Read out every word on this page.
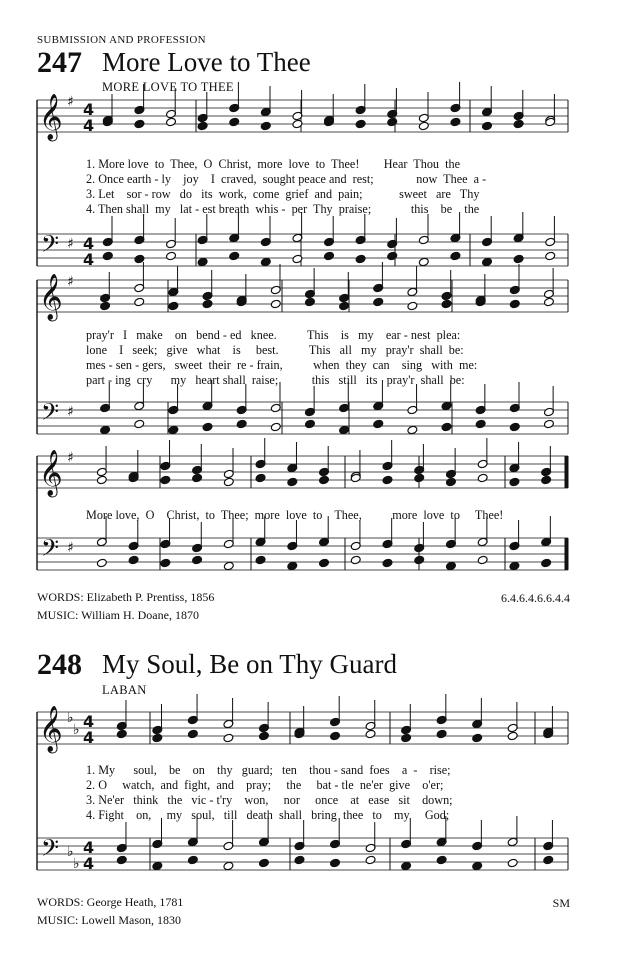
SUBMISSION AND PROFESSION
247 More Love to Thee
MORE LOVE TO THEE
𝄞
𝄢
♯
♯
4
4
4
4
𝄞
𝄢
♯
♯
𝄞
𝄢
♯
♯
𝄞
𝄢
♭
♭
♭
♭
4
4
4
4
1. More love  to  Thee,  O  Christ,  more  love  to  Thee!        Hear  Thou  the
2. Once earth - ly    joy    I  craved,  sought peace and  rest;              now  Thee  a -
3. Let    sor - row   do   its  work,  come  grief  and  pain;            sweet   are   Thy
4. Then shall  my   lat - est breath  whis -  per  Thy  praise;             this    be    the
pray'r   I   make    on   bend - ed   knee.          This    is   my    ear - nest  plea:
lone    I   seek;   give   what    is     best.          This   all   my   pray'r  shall  be:
mes - sen - gers,   sweet  their  re - frain,          when  they  can    sing   with  me:
part - ing  cry      my   heart shall  raise;           this   still   its   pray'r  shall  be:
More love,  O    Christ,  to  Thee;  more  love  to    Thee,          more  love  to     Thee!
WORDS: Elizabeth P. Prentiss, 1856
MUSIC: William H. Doane, 1870
6.4.6.4.6.6.4.4
248 My Soul, Be on Thy Guard
LABAN
1. My      soul,    be    on    thy   guard;   ten    thou - sand  foes    a  -    rise;
2. O     watch,  and  fight,  and    pray;     the     bat - tle  ne'er  give    o'er;
3. Ne'er   think   the   vic - t'ry    won,     nor     once    at   ease   sit    down;
4. Fight    on,     my   soul,   till   death  shall   bring  thee   to    my     God;
WORDS: George Heath, 1781
MUSIC: Lowell Mason, 1830
SM
